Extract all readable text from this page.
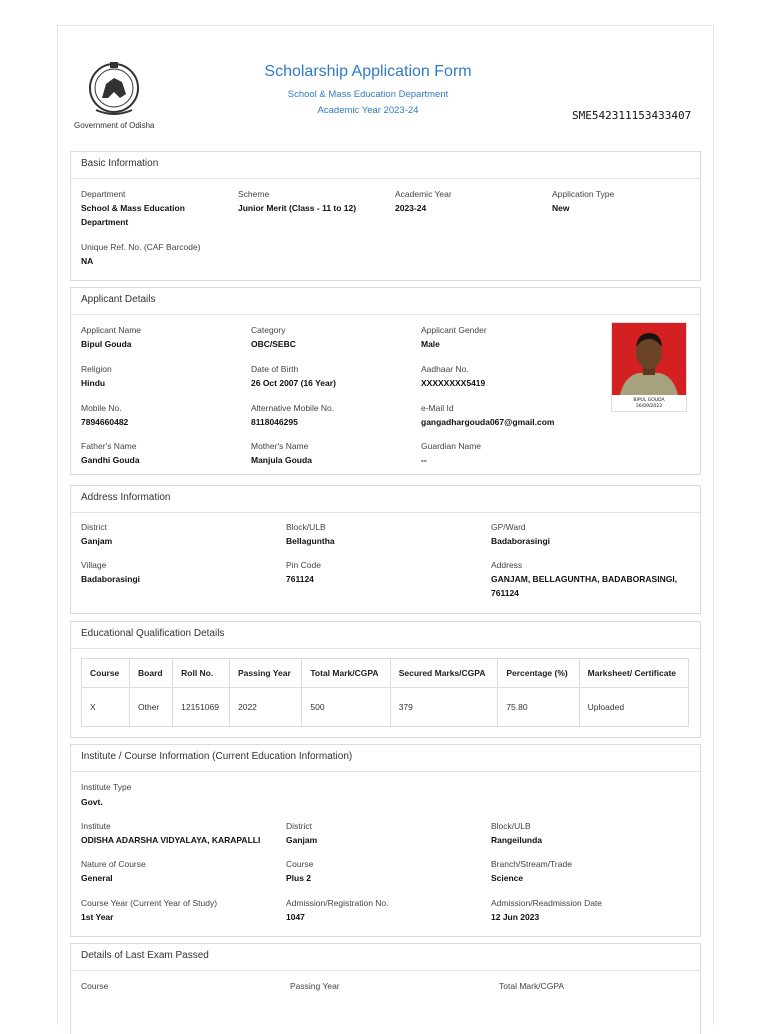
Government of Odisha
Scholarship Application Form
School & Mass Education Department
Academic Year 2023-24	SME542311153433407
Basic Information
Department
School & Mass Education Department
Scheme
Junior Merit (Class - 11 to 12)
Academic Year
2023-24
Application Type
New
Unique Ref. No. (CAF Barcode)
NA
Applicant Details
Applicant Name
Bipul Gouda
Category
OBC/SEBC
Applicant Gender
Male
Religion
Hindu
Date of Birth
26 Oct 2007 (16 Year)
Aadhaar No.
XXXXXXXX5419
Mobile No.
7894660482
Alternative Mobile No.
8118046295
e-Mail Id
gangadhargouda067@gmail.com
Father's Name
Gandhi Gouda
Mother's Name
Manjula Gouda
Guardian Name
--
BIPUL GOUDA
26/09/2023
Address Information
District
Ganjam
Block/ULB
Bellaguntha
GP/Ward
Badaborasingi
Village
Badaborasingi
Pin Code
761124
Address
GANJAM, BELLAGUNTHA, BADABORASINGI, 761124
Educational Qualification Details
Course	Board	Roll No.	Passing Year	Total Mark/CGPA	Secured Marks/CGPA	Percentage (%)	Marksheet/ Certificate
X	Other	12151069	2022	500	379	75.80	Uploaded
Institute / Course Information (Current Education Information)
Institute Type
Govt.
Institute
ODISHA ADARSHA VIDYALAYA, KARAPALLI
District
Ganjam
Block/ULB
Rangeilunda
Nature of Course
General
Course
Plus 2
Branch/Stream/Trade
Science
Course Year (Current Year of Study)
1st Year
Admission/Registration No.
1047
Admission/Readmission Date
12 Jun 2023
Details of Last Exam Passed
Course	Passing Year	Total Mark/CGPA
